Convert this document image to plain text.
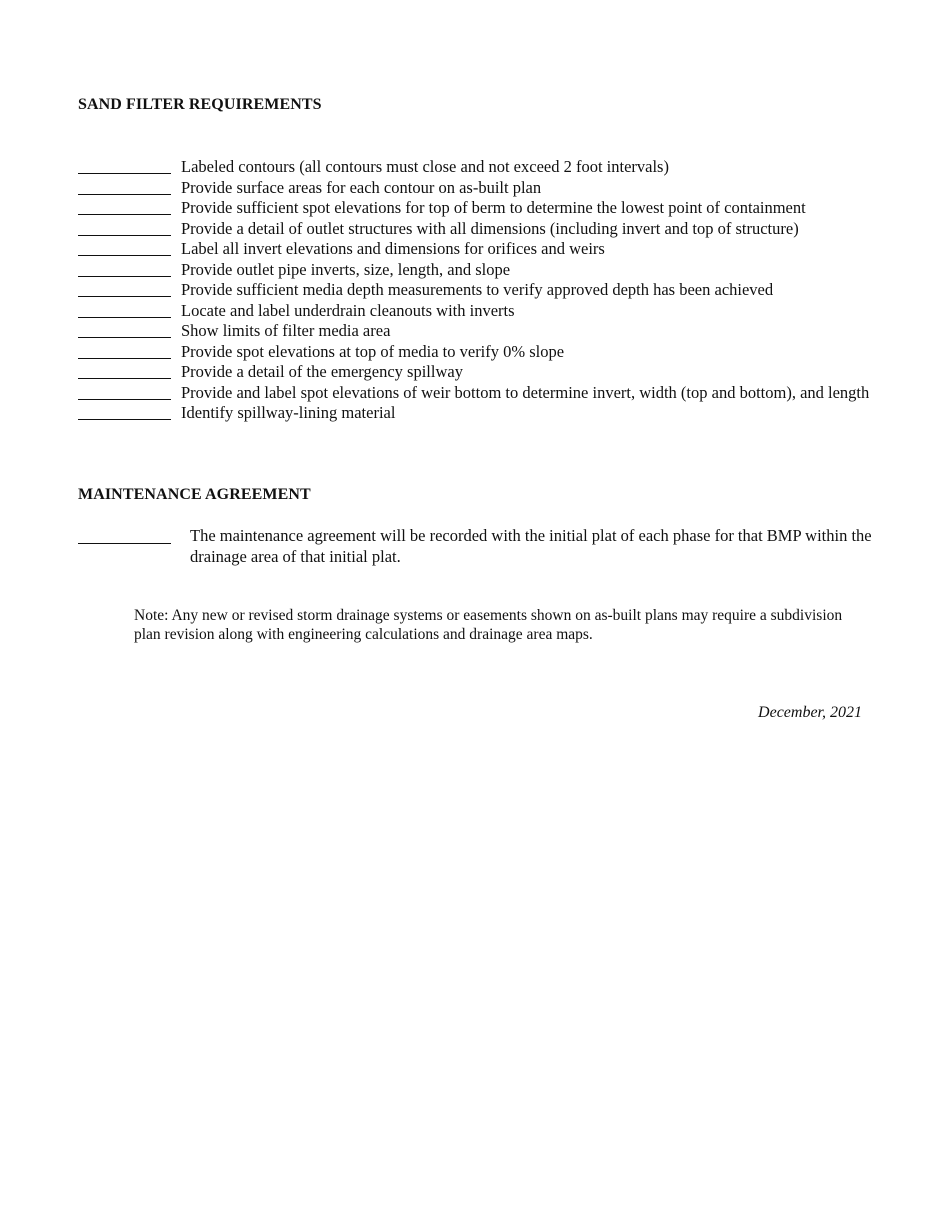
SAND FILTER REQUIREMENTS
Labeled contours (all contours must close and not exceed 2 foot intervals)
Provide surface areas for each contour on as-built plan
Provide sufficient spot elevations for top of berm to determine the lowest point of containment
Provide a detail of outlet structures with all dimensions (including invert and top of structure)
Label all invert elevations and dimensions for orifices and weirs
Provide outlet pipe inverts, size, length, and slope
Provide sufficient media depth measurements to verify approved depth has been achieved
Locate and label underdrain cleanouts with inverts
Show limits of filter media area
Provide spot elevations at top of media to verify 0% slope
Provide a detail of the emergency spillway
Provide and label spot elevations of weir bottom to determine invert, width (top and bottom), and length
Identify spillway-lining material
MAINTENANCE AGREEMENT
The maintenance agreement will be recorded with the initial plat of each phase for that BMP within the drainage area of that initial plat.

Note: Any new or revised storm drainage systems or easements shown on as-built plans may require a subdivision plan revision along with engineering calculations and drainage area maps.

December, 2021
